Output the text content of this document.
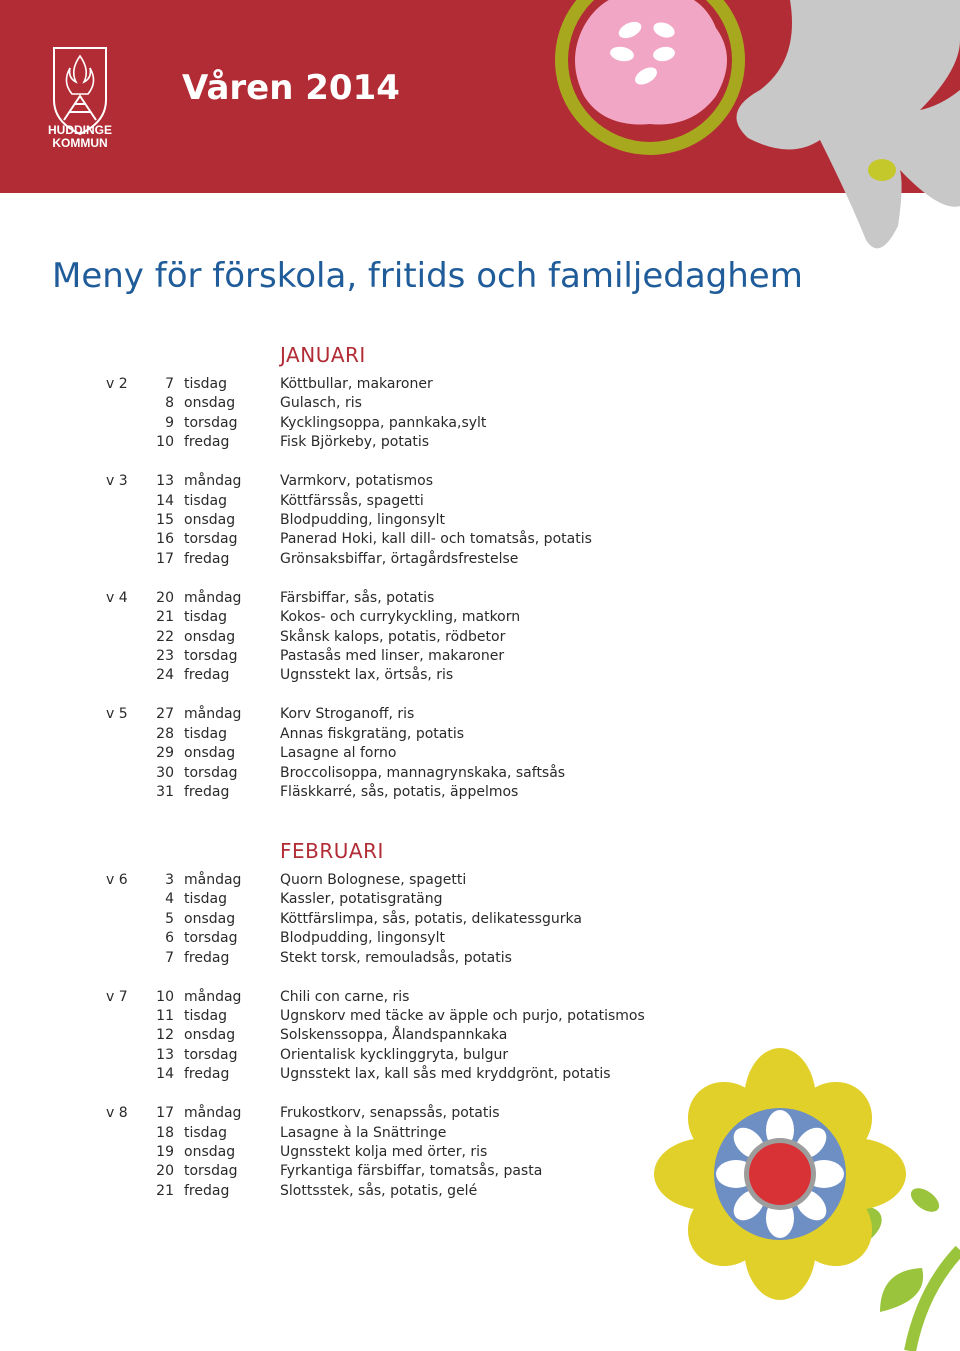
HUDDINGE
KOMMUN
Våren 2014
Meny för förskola, fritids och familjedaghem
JANUARI
v 2	7 tisdag	Köttbullar, makaroner
8 onsdag	Gulasch, ris
9 torsdag	Kycklingsoppa, pannkaka,sylt
10 fredag	Fisk Björkeby, potatis
v 3	13 måndag	Varmkorv, potatismos
14 tisdag	Köttfärssås, spagetti
15 onsdag	Blodpudding, lingonsylt
16 torsdag	Panerad Hoki, kall dill- och tomatsås, potatis
17 fredag	Grönsaksbiffar, örtagårdsfrestelse
v 4	20 måndag	Färsbiffar, sås, potatis
21 tisdag	Kokos- och currykyckling, matkorn
22 onsdag	Skånsk kalops, potatis, rödbetor
23 torsdag	Pastasås med linser, makaroner
24 fredag	Ugnsstekt lax, örtsås, ris
v 5	27 måndag	Korv Stroganoff, ris
28 tisdag	Annas fiskgratäng, potatis
29 onsdag	Lasagne al forno
30 torsdag	Broccolisoppa, mannagrynskaka, saftsås
31 fredag	Fläskkarré, sås, potatis, äppelmos
FEBRUARI
v 6	3 måndag	Quorn Bolognese, spagetti
4 tisdag	Kassler, potatisgratäng
5 onsdag	Köttfärslimpa, sås, potatis, delikatessgurka
6 torsdag	Blodpudding, lingonsylt
7 fredag	Stekt torsk, remouladsås, potatis
v 7	10 måndag	Chili con carne, ris
11 tisdag	Ugnskorv med täcke av äpple och purjo, potatismos
12 onsdag	Solskenssoppa, Ålandspannkaka
13 torsdag	Orientalisk kycklinggryta, bulgur
14 fredag	Ugnsstekt lax, kall sås med kryddgrönt, potatis
v 8	17 måndag	Frukostkorv, senapssås, potatis
18 tisdag	Lasagne à la Snättringe
19 onsdag	Ugnsstekt kolja med örter, ris
20 torsdag	Fyrkantiga färsbiffar, tomatsås, pasta
21 fredag	Slottsstek, sås, potatis, gelé
